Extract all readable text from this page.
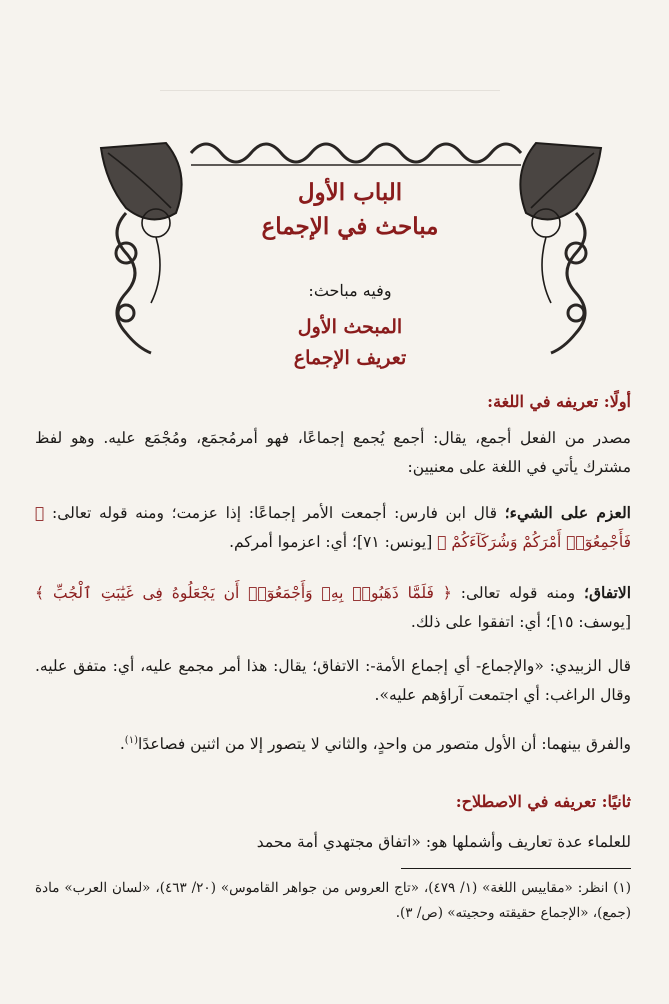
الباب الأول
مباحث في الإجماع
وفيه مباحث:
المبحث الأول
تعريف الإجماع
أولًا: تعريفه في اللغة:

مصدر من الفعل أجمع، يقال: أجمع يُجمع إجماعًا، فهو أمرمُجمَع، ومُجْمَع عليه. وهو لفظ مشترك يأتي في اللغة على معنيين:

العزم على الشيء؛ قال ابن فارس: أجمعت الأمر إجماعًا: إذا عزمت؛ ومنه قوله تعالى: ﴿ فَأَجْمِعُوٓا۟ أَمْرَكُمْ وَشُرَكَآءَكُمْ ﴾ [يونس: ٧١]؛ أي: اعزموا أمركم.

الاتفاق؛ ومنه قوله تعالى: ﴿ فَلَمَّا ذَهَبُوا۟ بِهِۦ وَأَجْمَعُوٓا۟ أَن يَجْعَلُوهُ فِى غَيَٰبَتِ ٱلْجُبِّ ﴾ [يوسف: ١٥]؛ أي: اتفقوا على ذلك.

قال الزبيدي: «والإجماع- أي إجماع الأمة-: الاتفاق؛ يقال: هذا أمر مجمع عليه، أي: متفق عليه. وقال الراغب: أي اجتمعت آراؤهم عليه».

والفرق بينهما: أن الأول متصور من واحدٍ، والثاني لا يتصور إلا من اثنين فصاعدًا$^{(١)}$.

ثانيًا: تعريفه في الاصطلاح:

للعلماء عدة تعاريف وأشملها هو: «اتفاق مجتهدي أمة محمد

(١) انظر: «مقاييس اللغة» (١/ ٤٧٩)، «تاج العروس من جواهر القاموس» (٢٠/ ٤٦٣)، «لسان العرب» مادة (جمع)، «الإجماع حقيقته وحجيته» (ص/ ٣).
